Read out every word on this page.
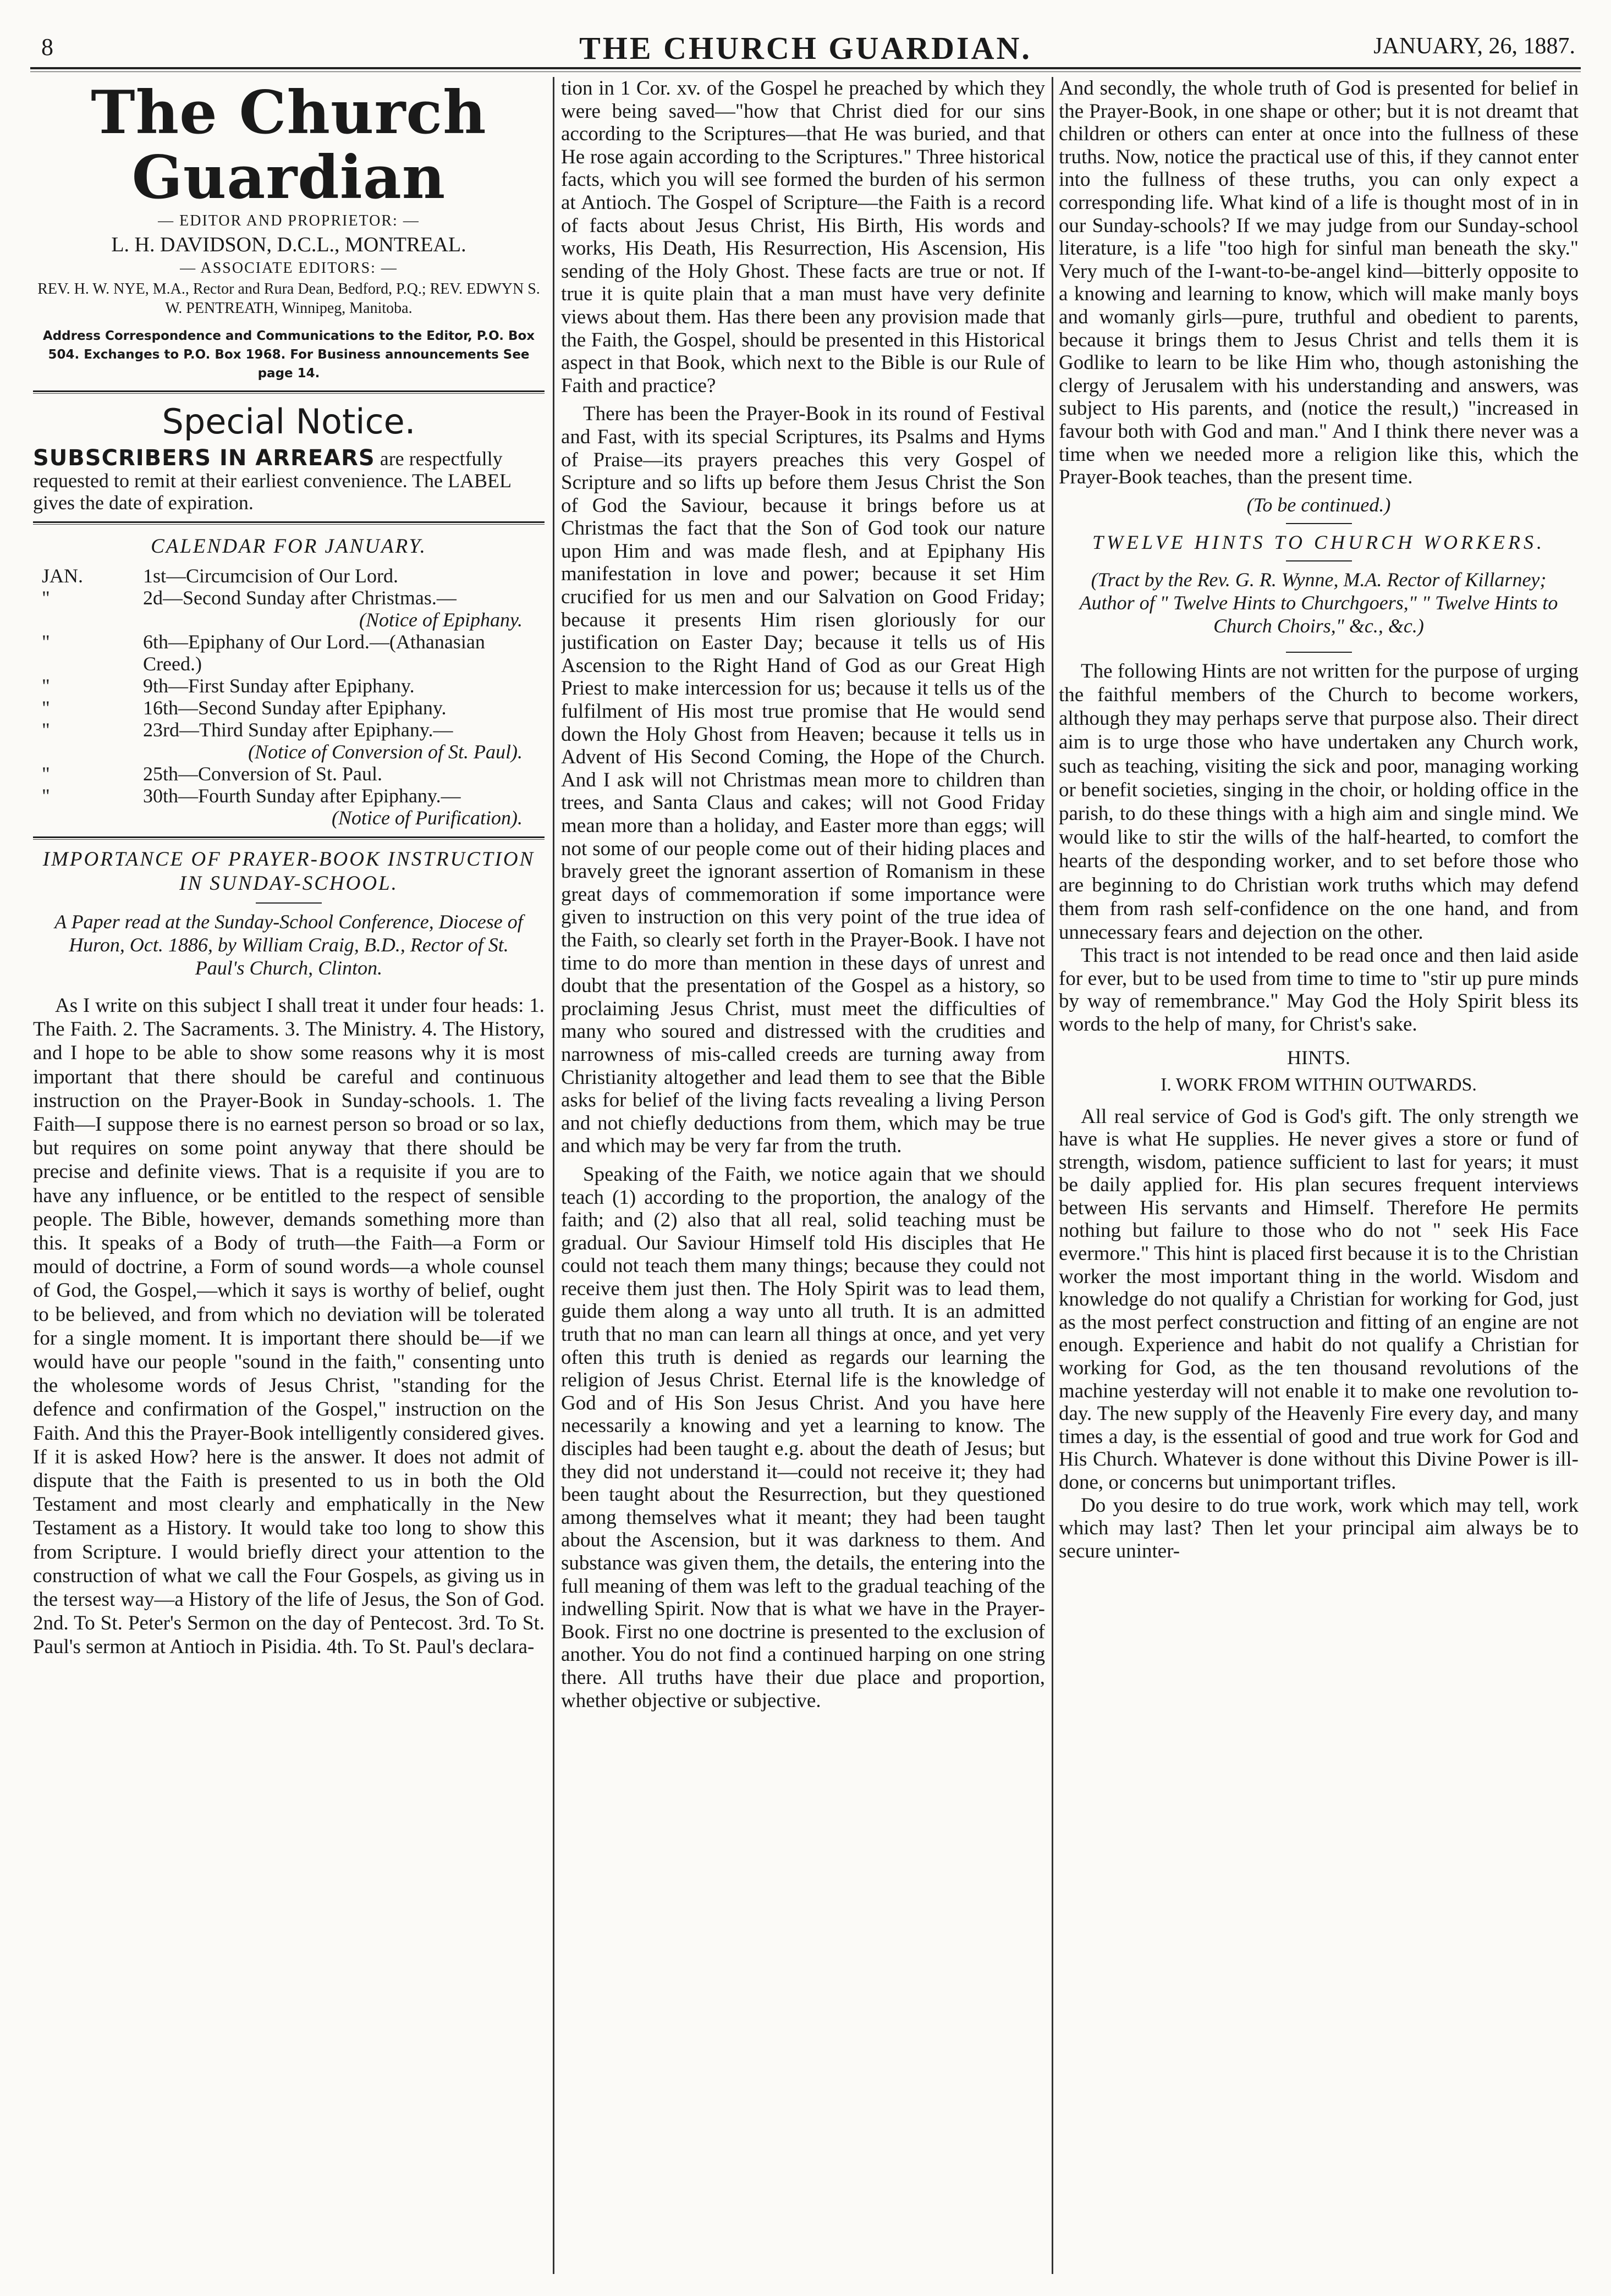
8	THE CHURCH GUARDIAN.	JANUARY, 26, 1887.
The Church Guardian
— EDITOR AND PROPRIETOR: —
L. H. DAVIDSON, D.C.L., MONTREAL.
— ASSOCIATE EDITORS: —
REV. H. W. NYE, M.A., Rector and Rura Dean, Bedford, P.Q.; REV. EDWYN S. W. PENTREATH, Winnipeg, Manitoba.
Address Correspondence and Communications to the Editor, P.O. Box 504. Exchanges to P.O. Box 1968. For Business announcements See page 14.
Special Notice.

SUBSCRIBERS IN ARREARS are respectfully requested to remit at their earliest convenience. The LABEL gives the date of expiration.

CALENDAR FOR JANUARY.
JAN.	1st—Circumcision of Our Lord.
"	2d—Second Sunday after Christmas.—
(Notice of Epiphany.
"	6th—Epiphany of Our Lord.—(Athanasian Creed.)
"	9th—First Sunday after Epiphany.
"	16th—Second Sunday after Epiphany.
"	23rd—Third Sunday after Epiphany.—
(Notice of Conversion of St. Paul).
"	25th—Conversion of St. Paul.
"	30th—Fourth Sunday after Epiphany.—
(Notice of Purification).
IMPORTANCE OF PRAYER-BOOK INSTRUCTION IN SUNDAY-SCHOOL.
A Paper read at the Sunday-School Conference, Diocese of Huron, Oct. 1886, by William Craig, B.D., Rector of St. Paul's Church, Clinton.

As I write on this subject I shall treat it under four heads: 1. The Faith. 2. The Sacraments. 3. The Ministry. 4. The History, and I hope to be able to show some reasons why it is most important that there should be careful and continuous instruction on the Prayer-Book in Sunday-schools. 1. The Faith—I suppose there is no earnest person so broad or so lax, but requires on some point anyway that there should be precise and definite views. That is a requisite if you are to have any influence, or be entitled to the respect of sensible people. The Bible, however, demands something more than this. It speaks of a Body of truth—the Faith—a Form or mould of doctrine, a Form of sound words—a whole counsel of God, the Gospel,—which it says is worthy of belief, ought to be believed, and from which no deviation will be tolerated for a single moment. It is important there should be—if we would have our people "sound in the faith," consenting unto the wholesome words of Jesus Christ, "standing for the defence and confirmation of the Gospel," instruction on the Faith. And this the Prayer-Book intelligently considered gives. If it is asked How? here is the answer. It does not admit of dispute that the Faith is presented to us in both the Old Testament and most clearly and emphatically in the New Testament as a History. It would take too long to show this from Scripture. I would briefly direct your attention to the construction of what we call the Four Gospels, as giving us in the tersest way—a History of the life of Jesus, the Son of God. 2nd. To St. Peter's Sermon on the day of Pentecost. 3rd. To St. Paul's sermon at Antioch in Pisidia. 4th. To St. Paul's declara-

tion in 1 Cor. xv. of the Gospel he preached by which they were being saved—"how that Christ died for our sins according to the Scriptures—that He was buried, and that He rose again according to the Scriptures." Three historical facts, which you will see formed the burden of his sermon at Antioch. The Gospel of Scripture—the Faith is a record of facts about Jesus Christ, His Birth, His words and works, His Death, His Resurrection, His Ascension, His sending of the Holy Ghost. These facts are true or not. If true it is quite plain that a man must have very definite views about them. Has there been any provision made that the Faith, the Gospel, should be presented in this Historical aspect in that Book, which next to the Bible is our Rule of Faith and practice?

There has been the Prayer-Book in its round of Festival and Fast, with its special Scriptures, its Psalms and Hyms of Praise—its prayers preaches this very Gospel of Scripture and so lifts up before them Jesus Christ the Son of God the Saviour, because it brings before us at Christmas the fact that the Son of God took our nature upon Him and was made flesh, and at Epiphany His manifestation in love and power; because it set Him crucified for us men and our Salvation on Good Friday; because it presents Him risen gloriously for our justification on Easter Day; because it tells us of His Ascension to the Right Hand of God as our Great High Priest to make intercession for us; because it tells us of the fulfilment of His most true promise that He would send down the Holy Ghost from Heaven; because it tells us in Advent of His Second Coming, the Hope of the Church. And I ask will not Christmas mean more to children than trees, and Santa Claus and cakes; will not Good Friday mean more than a holiday, and Easter more than eggs; will not some of our people come out of their hiding places and bravely greet the ignorant assertion of Romanism in these great days of commemoration if some importance were given to instruction on this very point of the true idea of the Faith, so clearly set forth in the Prayer-Book. I have not time to do more than mention in these days of unrest and doubt that the presentation of the Gospel as a history, so proclaiming Jesus Christ, must meet the difficulties of many who soured and distressed with the crudities and narrowness of mis-called creeds are turning away from Christianity altogether and lead them to see that the Bible asks for belief of the living facts revealing a living Person and not chiefly deductions from them, which may be true and which may be very far from the truth.

Speaking of the Faith, we notice again that we should teach (1) according to the proportion, the analogy of the faith; and (2) also that all real, solid teaching must be gradual. Our Saviour Himself told His disciples that He could not teach them many things; because they could not receive them just then. The Holy Spirit was to lead them, guide them along a way unto all truth. It is an admitted truth that no man can learn all things at once, and yet very often this truth is denied as regards our learning the religion of Jesus Christ. Eternal life is the knowledge of God and of His Son Jesus Christ. And you have here necessarily a knowing and yet a learning to know. The disciples had been taught e.g. about the death of Jesus; but they did not understand it—could not receive it; they had been taught about the Resurrection, but they questioned among themselves what it meant; they had been taught about the Ascension, but it was darkness to them. And substance was given them, the details, the entering into the full meaning of them was left to the gradual teaching of the indwelling Spirit. Now that is what we have in the Prayer-Book. First no one doctrine is presented to the exclusion of another. You do not find a continued harping on one string there. All truths have their due place and proportion, whether objective or subjective.

And secondly, the whole truth of God is presented for belief in the Prayer-Book, in one shape or other; but it is not dreamt that children or others can enter at once into the fullness of these truths. Now, notice the practical use of this, if they cannot enter into the fullness of these truths, you can only expect a corresponding life. What kind of a life is thought most of in in our Sunday-schools? If we may judge from our Sunday-school literature, is a life "too high for sinful man beneath the sky." Very much of the I-want-to-be-angel kind—bitterly opposite to a knowing and learning to know, which will make manly boys and womanly girls—pure, truthful and obedient to parents, because it brings them to Jesus Christ and tells them it is Godlike to learn to be like Him who, though astonishing the clergy of Jerusalem with his understanding and answers, was subject to His parents, and (notice the result,) "increased in favour both with God and man." And I think there never was a time when we needed more a religion like this, which the Prayer-Book teaches, than the present time.

(To be continued.)
TWELVE HINTS TO CHURCH WORKERS.
(Tract by the Rev. G. R. Wynne, M.A. Rector of Killarney; Author of " Twelve Hints to Churchgoers," " Twelve Hints to Church Choirs," &c., &c.)

The following Hints are not written for the purpose of urging the faithful members of the Church to become workers, although they may perhaps serve that purpose also. Their direct aim is to urge those who have undertaken any Church work, such as teaching, visiting the sick and poor, managing working or benefit societies, singing in the choir, or holding office in the parish, to do these things with a high aim and single mind. We would like to stir the wills of the half-hearted, to comfort the hearts of the desponding worker, and to set before those who are beginning to do Christian work truths which may defend them from rash self-confidence on the one hand, and from unnecessary fears and dejection on the other.

This tract is not intended to be read once and then laid aside for ever, but to be used from time to time to "stir up pure minds by way of remembrance." May God the Holy Spirit bless its words to the help of many, for Christ's sake.

HINTS.
I. WORK FROM WITHIN OUTWARDS.

All real service of God is God's gift. The only strength we have is what He supplies. He never gives a store or fund of strength, wisdom, patience sufficient to last for years; it must be daily applied for. His plan secures frequent interviews between His servants and Himself. Therefore He permits nothing but failure to those who do not " seek His Face evermore." This hint is placed first because it is to the Christian worker the most important thing in the world. Wisdom and knowledge do not qualify a Christian for working for God, just as the most perfect construction and fitting of an engine are not enough. Experience and habit do not qualify a Christian for working for God, as the ten thousand revolutions of the machine yesterday will not enable it to make one revolution to-day. The new supply of the Heavenly Fire every day, and many times a day, is the essential of good and true work for God and His Church. Whatever is done without this Divine Power is ill-done, or concerns but unimportant trifles.

Do you desire to do true work, work which may tell, work which may last? Then let your principal aim always be to secure uninter-
